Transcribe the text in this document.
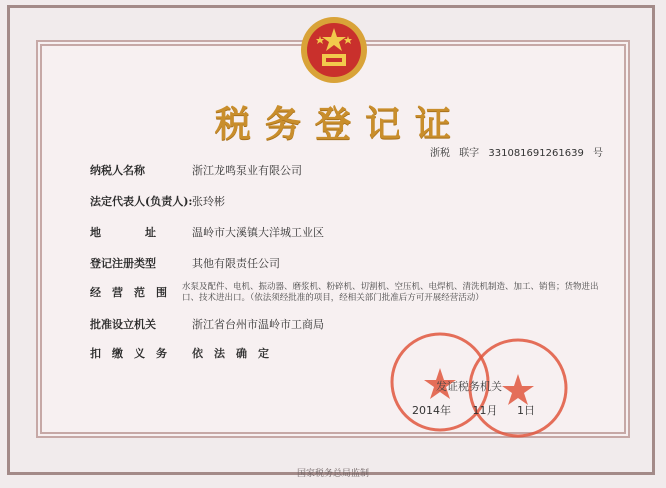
税务登记证
浙税 联字 331081691261639 号
纳税人名称	浙江龙鸣泵业有限公司
法定代表人(负责人): 张玲彬
地　　　　址	温岭市大溪镇大洋城工业区
登记注册类型	其他有限责任公司
经　营　范　围 水泵及配件、电机、振动器、磨浆机、粉碎机、切割机、空压机、电焊机、清洗机制造、加工、销售；货物进出口、技术进出口。（依法须经批准的项目，经相关部门批准后方可开展经营活动）
批准设立机关	浙江省台州市温岭市工商局
扣　缴　义　务 依　法　确　定
发证税务机关
2014年 11月 1日
国家税务总局监制
